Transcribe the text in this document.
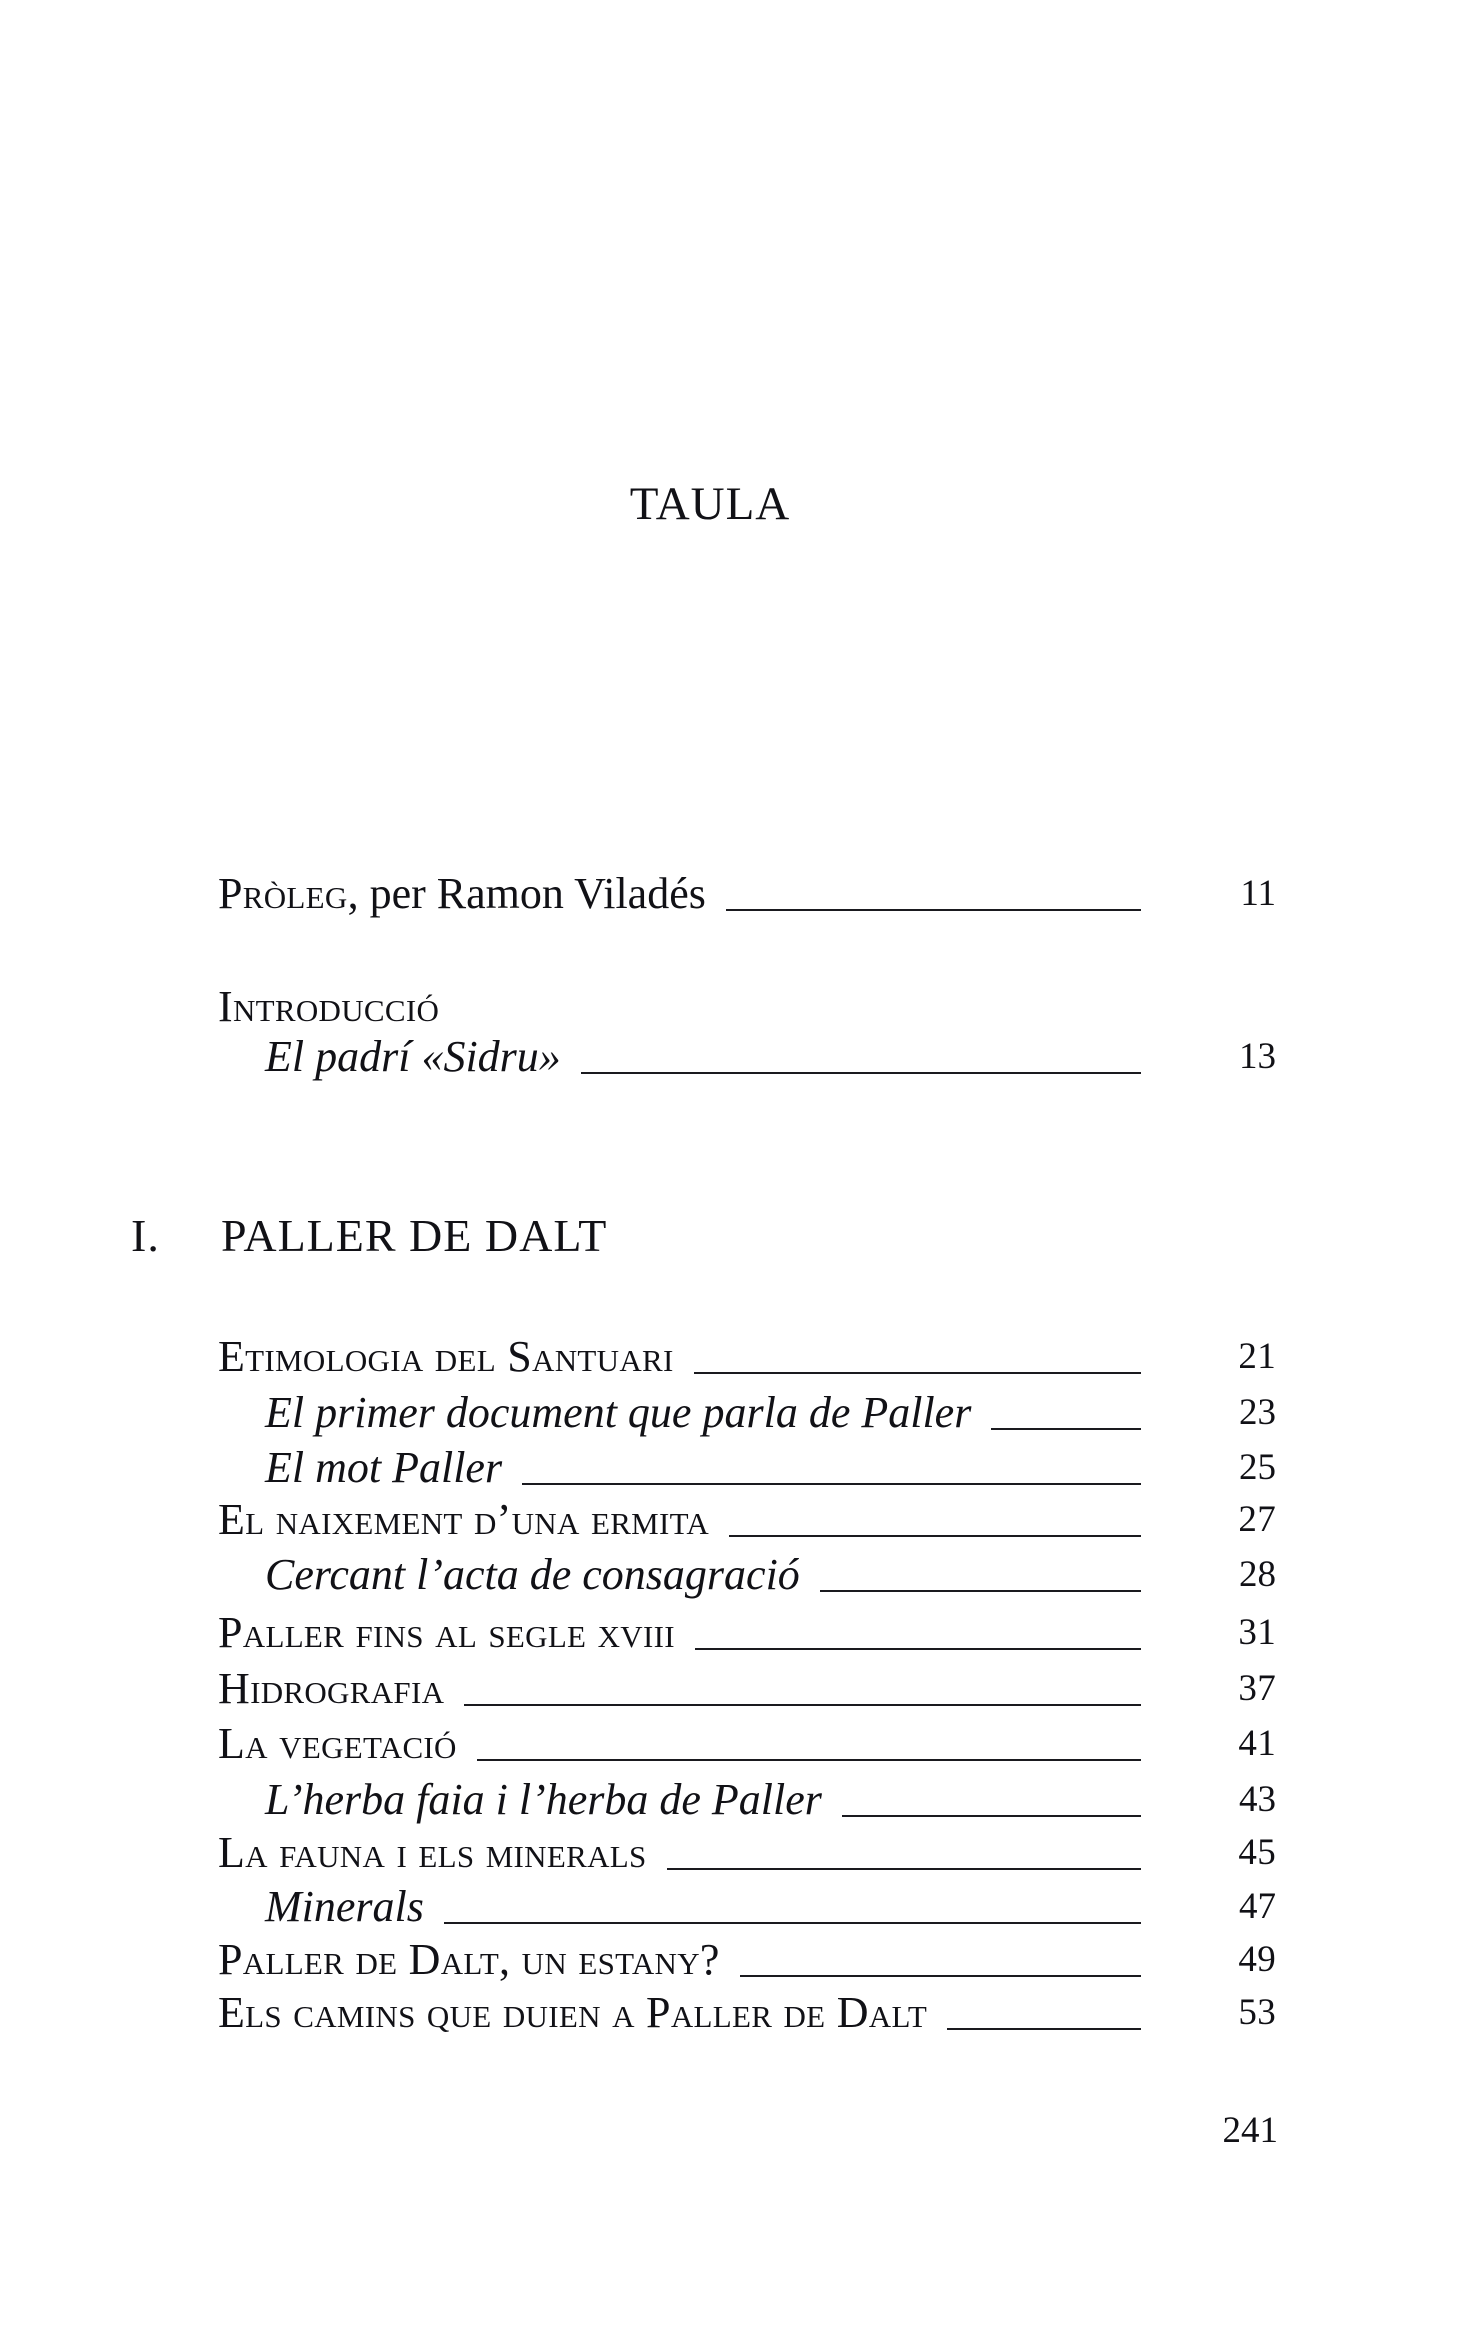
TAULA
Pròleg, per Ramon Viladés	11
Introducció
El padrí «Sidru»	13
I.	PALLER DE DALT
Etimologia del Santuari	21
El primer document que parla de Paller	23
El mot Paller	25
El naixement d’una ermita	27
Cercant l’acta de consagració	28
Paller fins al segle xviii	31
Hidrografia	37
La vegetació	41
L’herba faia i l’herba de Paller	43
La fauna i els minerals	45
Minerals	47
Paller de Dalt, un estany?	49
Els camins que duien a Paller de Dalt	53
241
